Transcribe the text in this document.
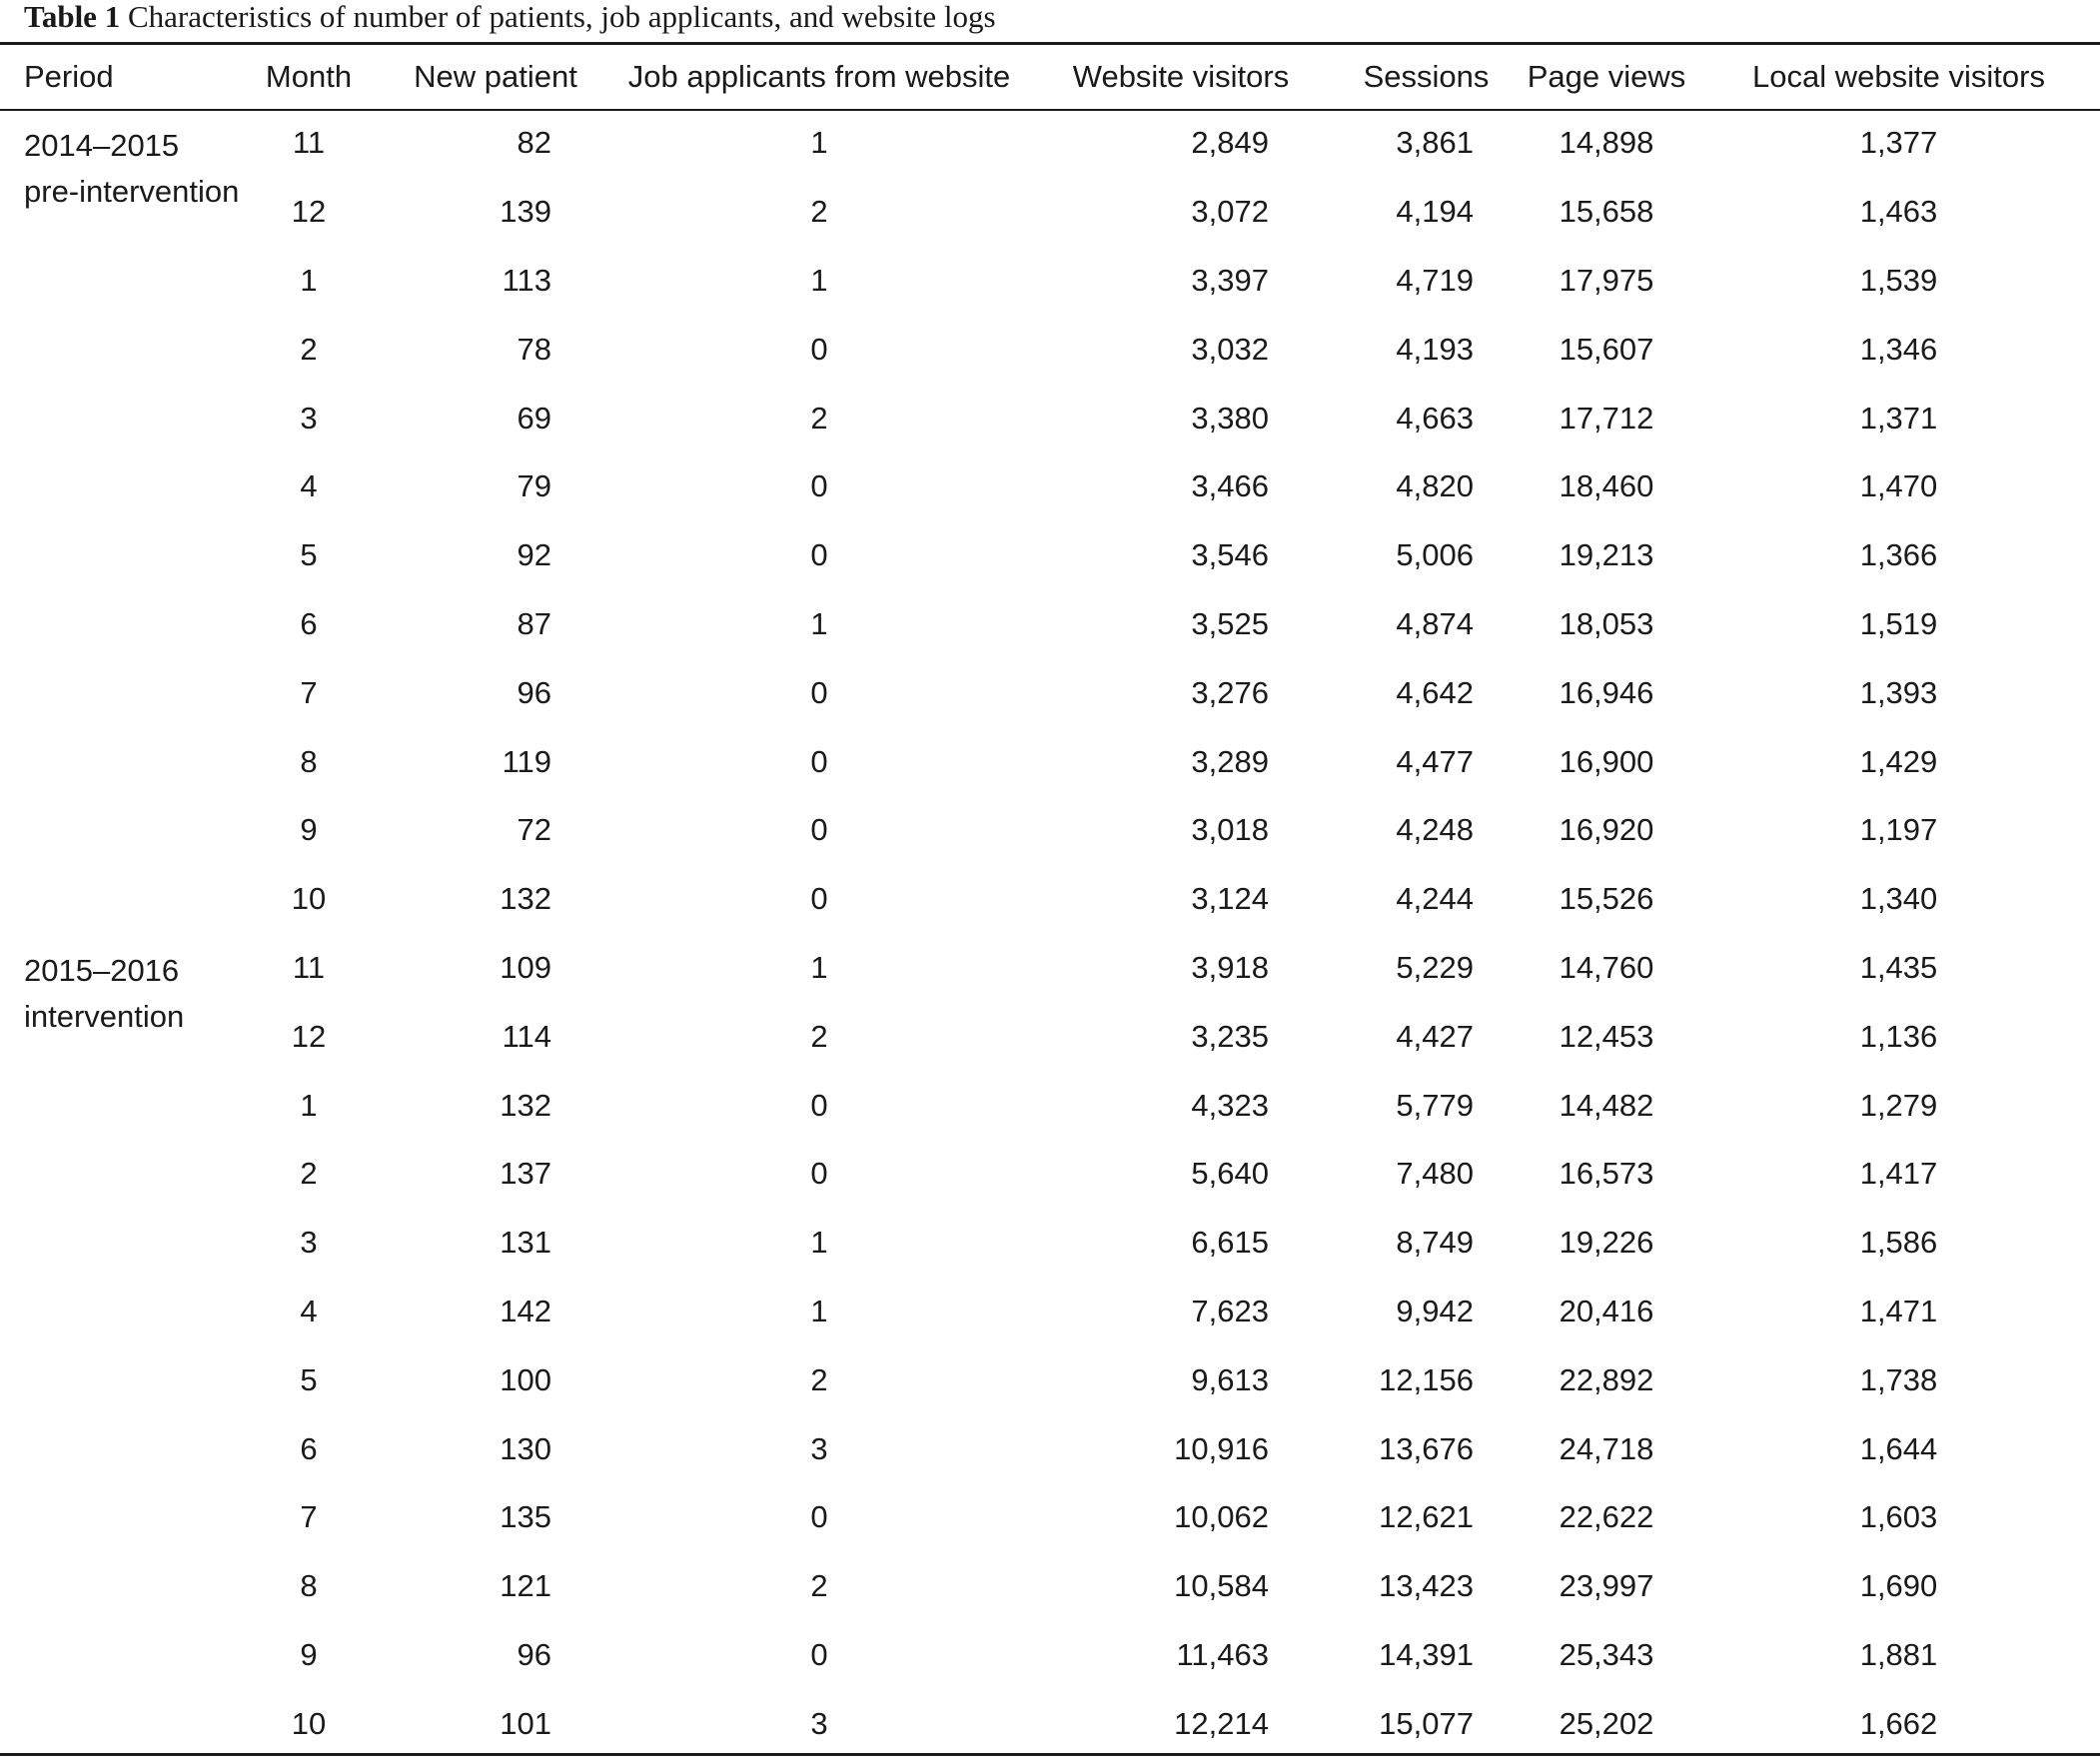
Table 1 Characteristics of number of patients, job applicants, and website logs
Period	Month	New patient	Job applicants from website	Website visitors	Sessions	Page views	Local website visitors
2014–2015 pre-intervention	11	82	1	2,849	3,861	14,898	1,377
	12	139	2	3,072	4,194	15,658	1,463
	1	113	1	3,397	4,719	17,975	1,539
	2	78	0	3,032	4,193	15,607	1,346
	3	69	2	3,380	4,663	17,712	1,371
	4	79	0	3,466	4,820	18,460	1,470
	5	92	0	3,546	5,006	19,213	1,366
	6	87	1	3,525	4,874	18,053	1,519
	7	96	0	3,276	4,642	16,946	1,393
	8	119	0	3,289	4,477	16,900	1,429
	9	72	0	3,018	4,248	16,920	1,197
	10	132	0	3,124	4,244	15,526	1,340
2015–2016 intervention	11	109	1	3,918	5,229	14,760	1,435
	12	114	2	3,235	4,427	12,453	1,136
	1	132	0	4,323	5,779	14,482	1,279
	2	137	0	5,640	7,480	16,573	1,417
	3	131	1	6,615	8,749	19,226	1,586
	4	142	1	7,623	9,942	20,416	1,471
	5	100	2	9,613	12,156	22,892	1,738
	6	130	3	10,916	13,676	24,718	1,644
	7	135	0	10,062	12,621	22,622	1,603
	8	121	2	10,584	13,423	23,997	1,690
	9	96	0	11,463	14,391	25,343	1,881
	10	101	3	12,214	15,077	25,202	1,662
